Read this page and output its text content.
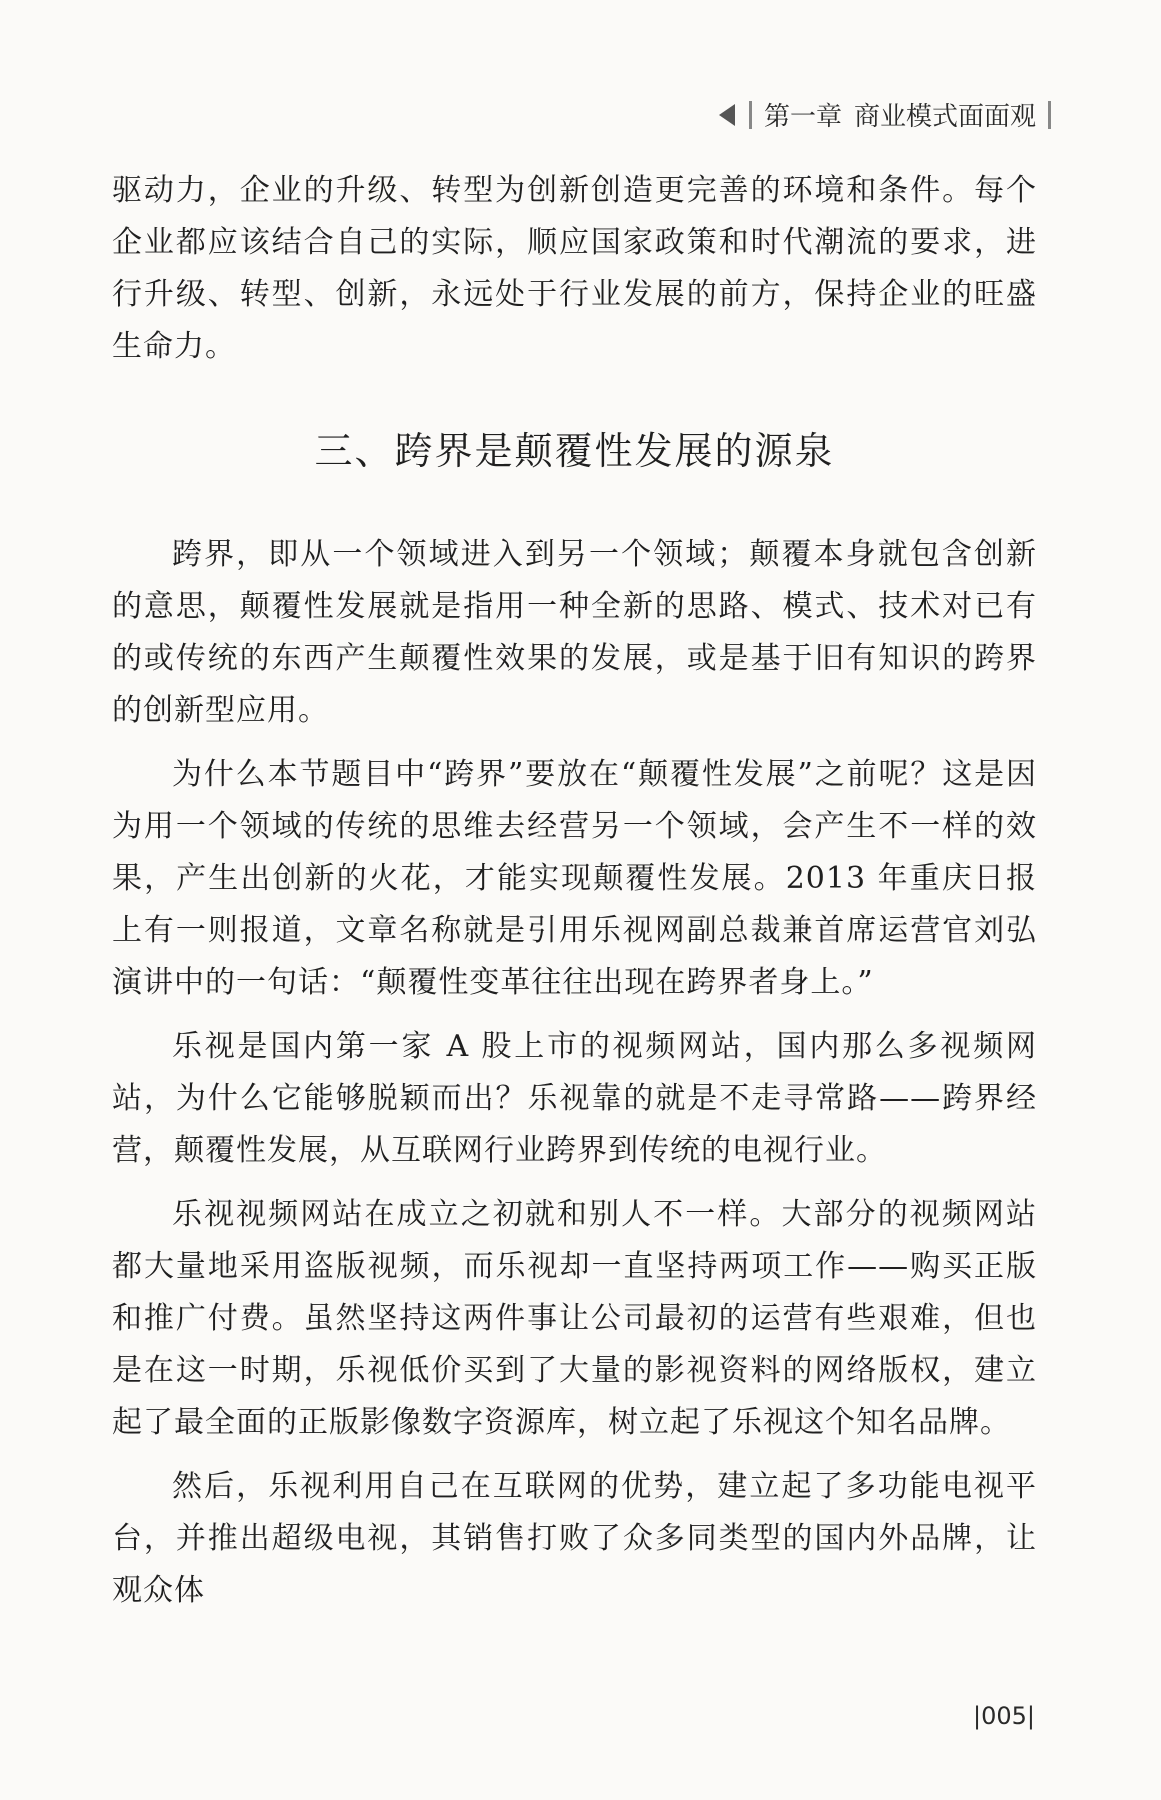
第一章 商业模式面面观

驱动力，企业的升级、转型为创新创造更完善的环境和条件。每个企业都应该结合自己的实际，顺应国家政策和时代潮流的要求，进行升级、转型、创新，永远处于行业发展的前方，保持企业的旺盛生命力。

三、跨界是颠覆性发展的源泉

跨界，即从一个领域进入到另一个领域；颠覆本身就包含创新的意思，颠覆性发展就是指用一种全新的思路、模式、技术对已有的或传统的东西产生颠覆性效果的发展，或是基于旧有知识的跨界的创新型应用。

为什么本节题目中“跨界”要放在“颠覆性发展”之前呢？这是因为用一个领域的传统的思维去经营另一个领域，会产生不一样的效果，产生出创新的火花，才能实现颠覆性发展。2013 年重庆日报上有一则报道，文章名称就是引用乐视网副总裁兼首席运营官刘弘演讲中的一句话：“颠覆性变革往往出现在跨界者身上。”

乐视是国内第一家 A 股上市的视频网站，国内那么多视频网站，为什么它能够脱颖而出？乐视靠的就是不走寻常路——跨界经营，颠覆性发展，从互联网行业跨界到传统的电视行业。

乐视视频网站在成立之初就和别人不一样。大部分的视频网站都大量地采用盗版视频，而乐视却一直坚持两项工作——购买正版和推广付费。虽然坚持这两件事让公司最初的运营有些艰难，但也是在这一时期，乐视低价买到了大量的影视资料的网络版权，建立起了最全面的正版影像数字资源库，树立起了乐视这个知名品牌。

然后，乐视利用自己在互联网的优势，建立起了多功能电视平台，并推出超级电视，其销售打败了众多同类型的国内外品牌，让观众体

|005|
